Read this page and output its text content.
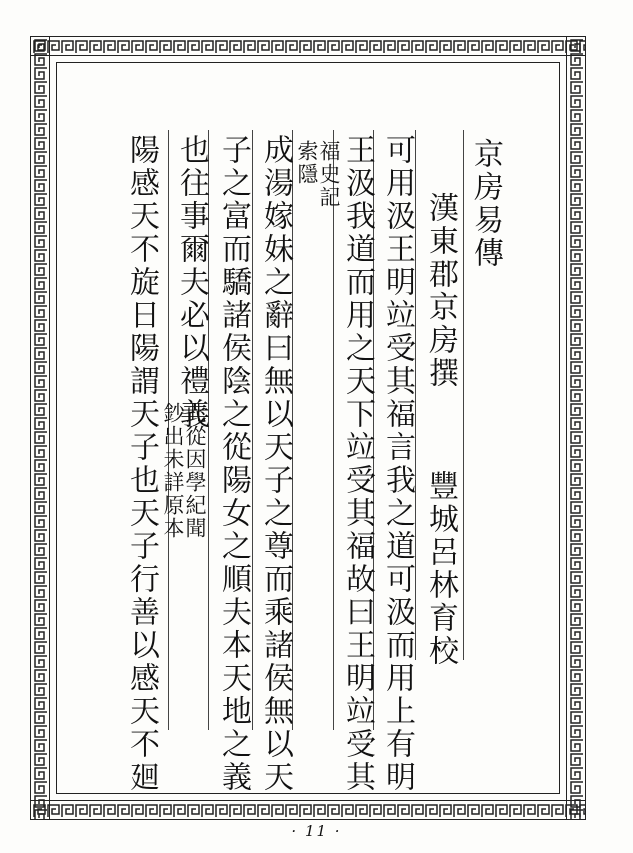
京房易傳
漢東郡京房撰
豐城呂林育校
可用汲王明竝受其福言我之道可汲而用上有明
王汲我道而用之天下竝受其福故曰王明竝受其
福史記
索隱
成湯嫁妹之辭曰無以天子之尊而乘諸侯無以天
子之富而驕諸侯陰之從陽女之順夫本天地之義
也往事爾夫必以禮義
此從因學紀聞
鈔出未詳原本
陽感天不旋日陽謂天子也天子行善以感天不廻
· 11 ·
